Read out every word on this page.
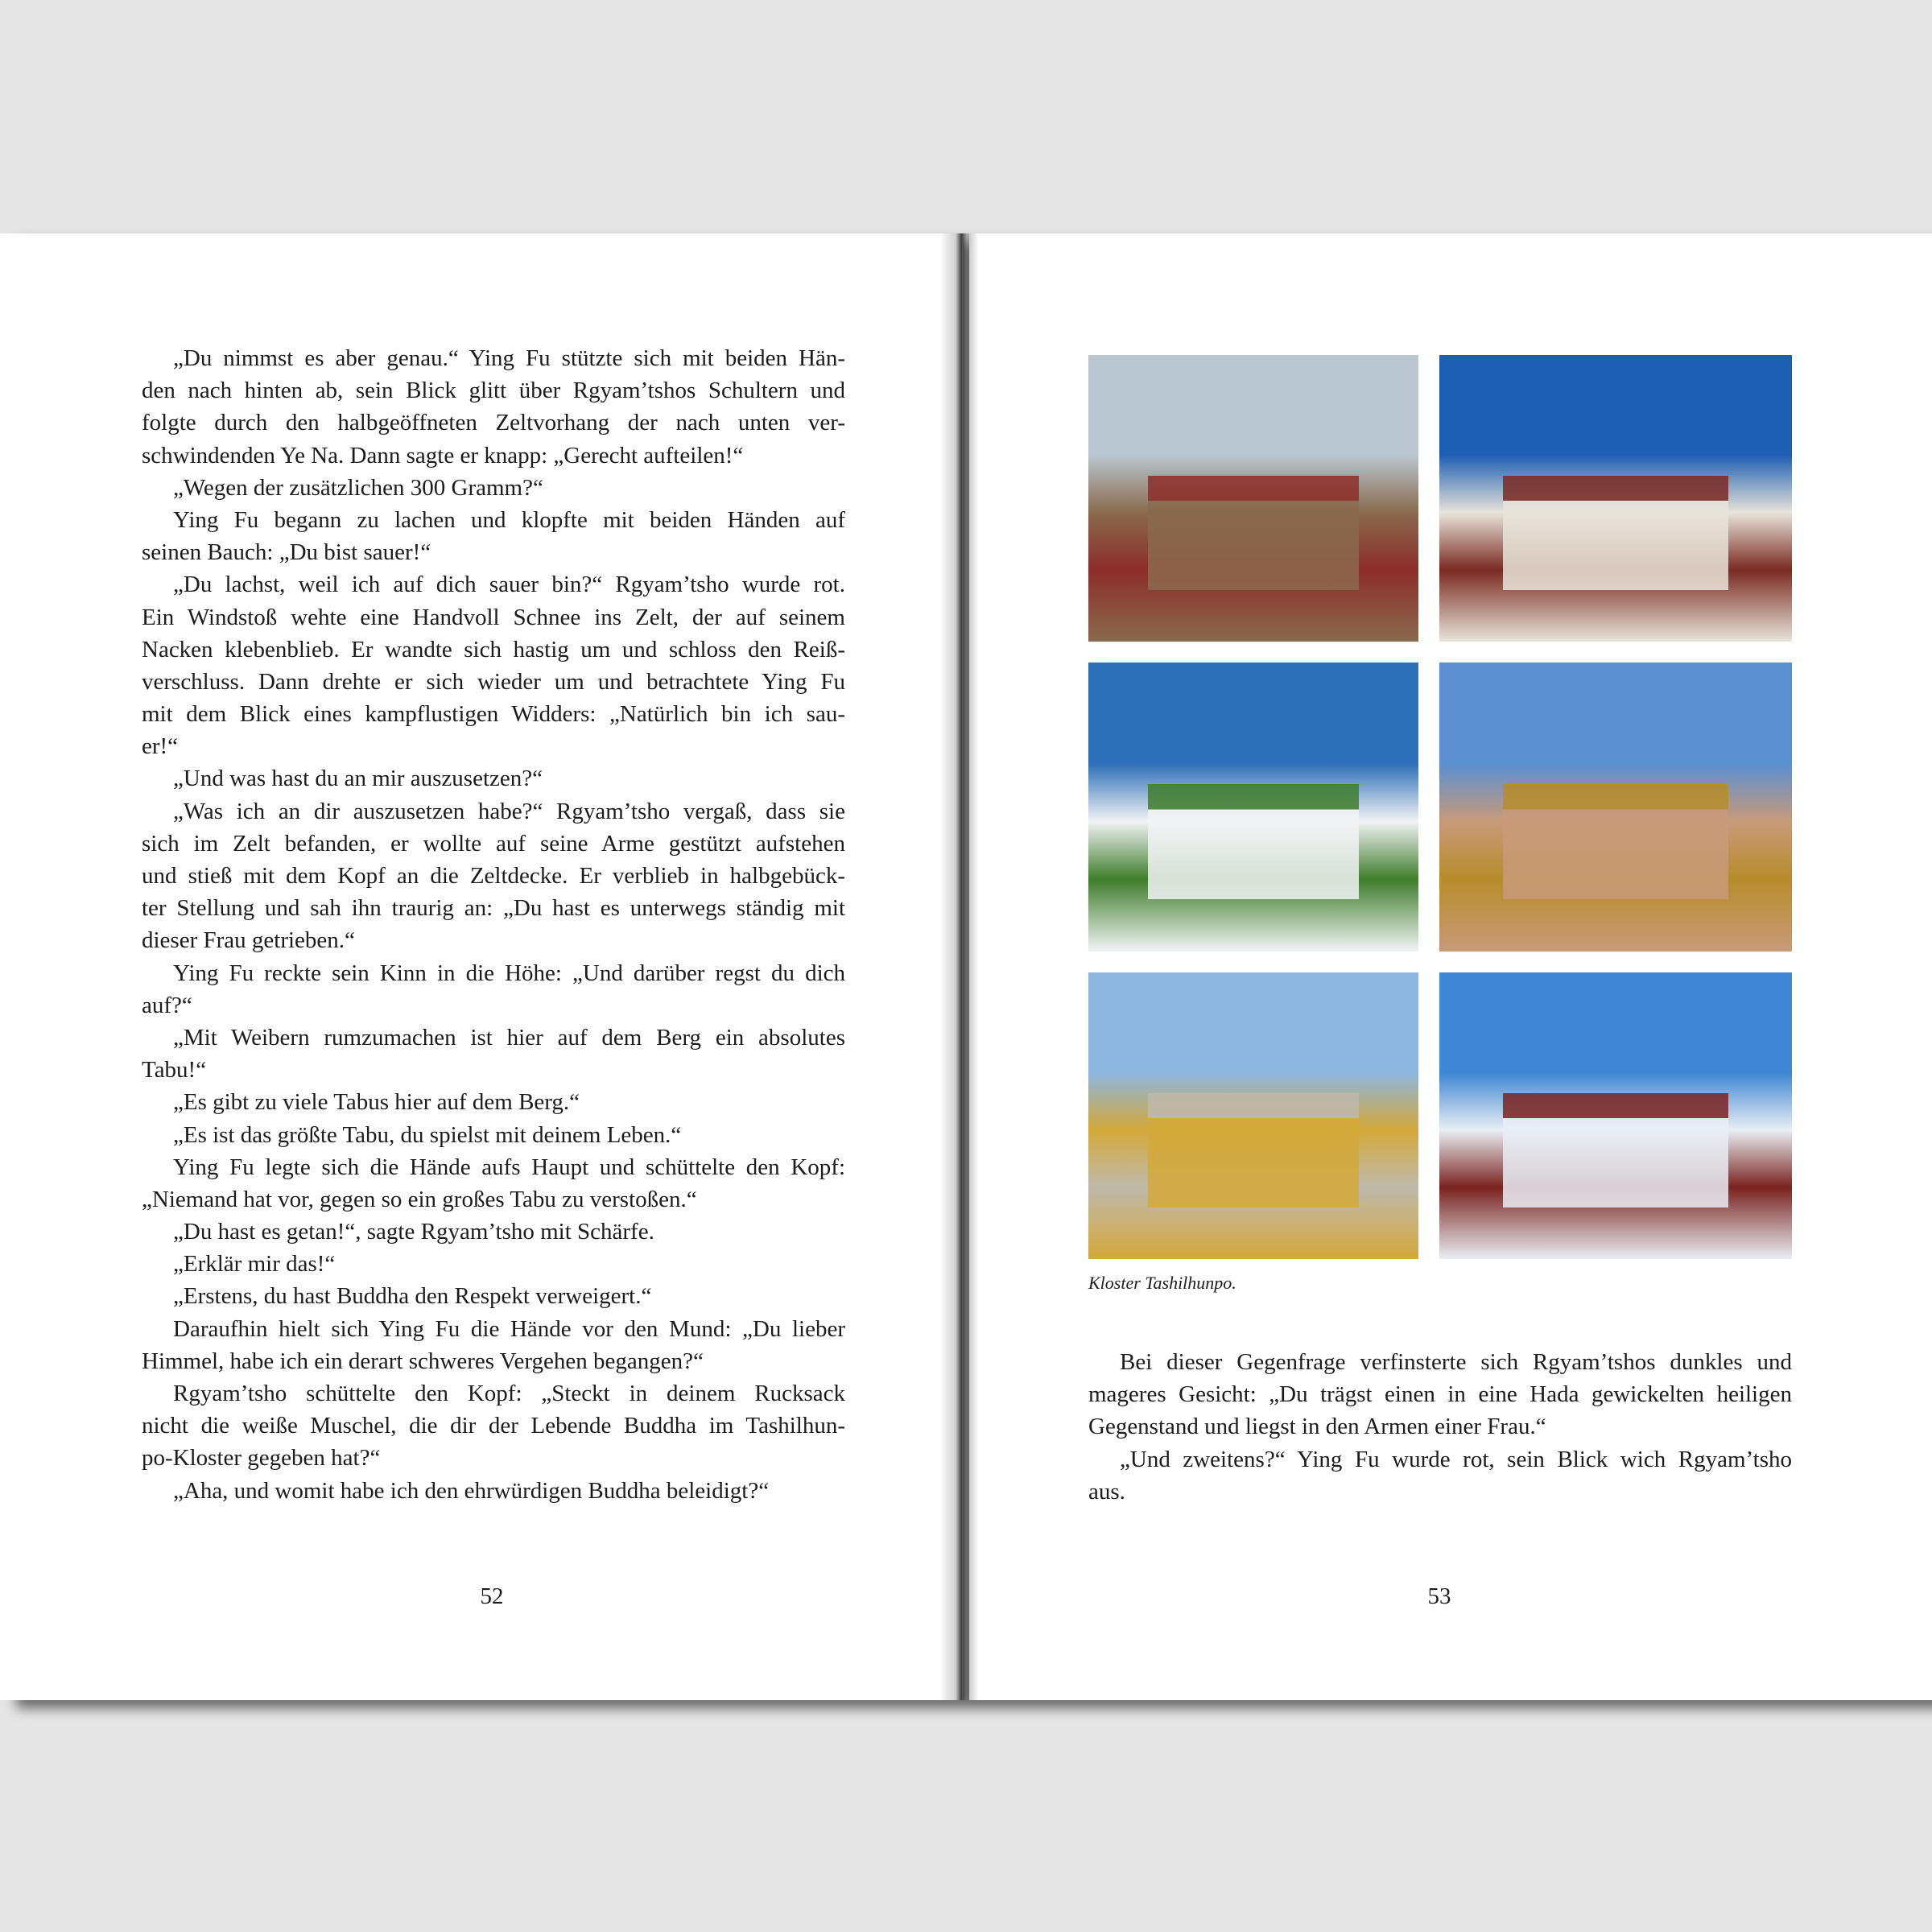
„Du nimmst es aber genau.“ Ying Fu stützte sich mit beiden Hän-
den nach hinten ab, sein Blick glitt über Rgyam’tshos Schultern und
folgte durch den halbgeöffneten Zeltvorhang der nach unten ver-
schwindenden Ye Na. Dann sagte er knapp: „Gerecht aufteilen!“
„Wegen der zusätzlichen 300 Gramm?“
Ying Fu begann zu lachen und klopfte mit beiden Händen auf
seinen Bauch: „Du bist sauer!“
„Du lachst, weil ich auf dich sauer bin?“ Rgyam’tsho wurde rot.
Ein Windstoß wehte eine Handvoll Schnee ins Zelt, der auf seinem
Nacken klebenblieb. Er wandte sich hastig um und schloss den Reiß-
verschluss. Dann drehte er sich wieder um und betrachtete Ying Fu
mit dem Blick eines kampflustigen Widders: „Natürlich bin ich sau-
er!“
„Und was hast du an mir auszusetzen?“
„Was ich an dir auszusetzen habe?“ Rgyam’tsho vergaß, dass sie
sich im Zelt befanden, er wollte auf seine Arme gestützt aufstehen
und stieß mit dem Kopf an die Zeltdecke. Er verblieb in halbgebück-
ter Stellung und sah ihn traurig an: „Du hast es unterwegs ständig mit
dieser Frau getrieben.“
Ying Fu reckte sein Kinn in die Höhe: „Und darüber regst du dich
auf?“
„Mit Weibern rumzumachen ist hier auf dem Berg ein absolutes
Tabu!“
„Es gibt zu viele Tabus hier auf dem Berg.“
„Es ist das größte Tabu, du spielst mit deinem Leben.“
Ying Fu legte sich die Hände aufs Haupt und schüttelte den Kopf:
„Niemand hat vor, gegen so ein großes Tabu zu verstoßen.“
„Du hast es getan!“, sagte Rgyam’tsho mit Schärfe.
„Erklär mir das!“
„Erstens, du hast Buddha den Respekt verweigert.“
Daraufhin hielt sich Ying Fu die Hände vor den Mund: „Du lieber
Himmel, habe ich ein derart schweres Vergehen begangen?“
Rgyam’tsho schüttelte den Kopf: „Steckt in deinem Rucksack
nicht die weiße Muschel, die dir der Lebende Buddha im Tashilhun-
po-Kloster gegeben hat?“
„Aha, und womit habe ich den ehrwürdigen Buddha beleidigt?“
52
Kloster Tashilhunpo.
Bei dieser Gegenfrage verfinsterte sich Rgyam’tshos dunkles und
mageres Gesicht: „Du trägst einen in eine Hada gewickelten heiligen
Gegenstand und liegst in den Armen einer Frau.“
„Und zweitens?“ Ying Fu wurde rot, sein Blick wich Rgyam’tsho
aus.
53
